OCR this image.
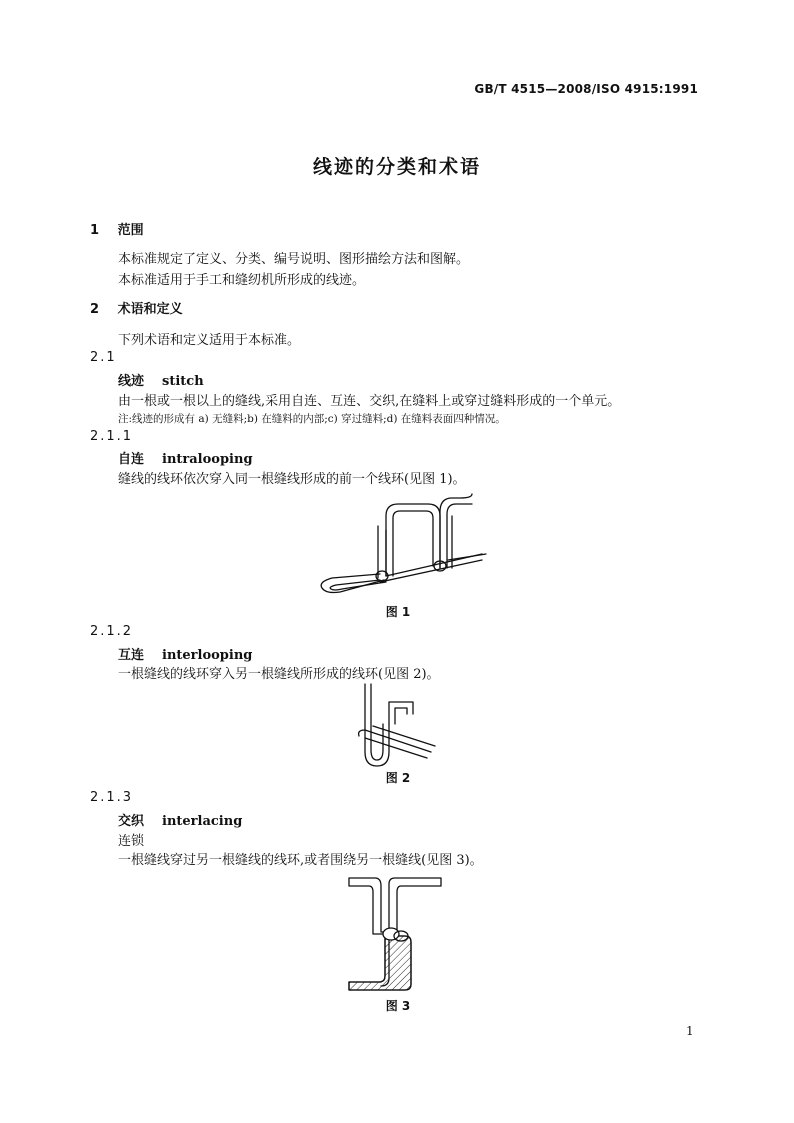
GB/T 4515—2008/ISO 4915:1991
线迹的分类和术语
1 范围
本标准规定了定义、分类、编号说明、图形描绘方法和图解。
本标准适用于手工和缝纫机所形成的线迹。
2 术语和定义
下列术语和定义适用于本标准。
2.1
线迹 stitch
由一根或一根以上的缝线,采用自连、互连、交织,在缝料上或穿过缝料形成的一个单元。
注:线迹的形成有 a) 无缝料;b) 在缝料的内部;c) 穿过缝料;d) 在缝料表面四种情况。
2.1.1
自连 intralooping
缝线的线环依次穿入同一根缝线形成的前一个线环(见图 1)。
图 1
2.1.2
互连 interlooping
一根缝线的线环穿入另一根缝线所形成的线环(见图 2)。
图 2
2.1.3
交织 interlacing
连锁
一根缝线穿过另一根缝线的线环,或者围绕另一根缝线(见图 3)。
图 3
1
